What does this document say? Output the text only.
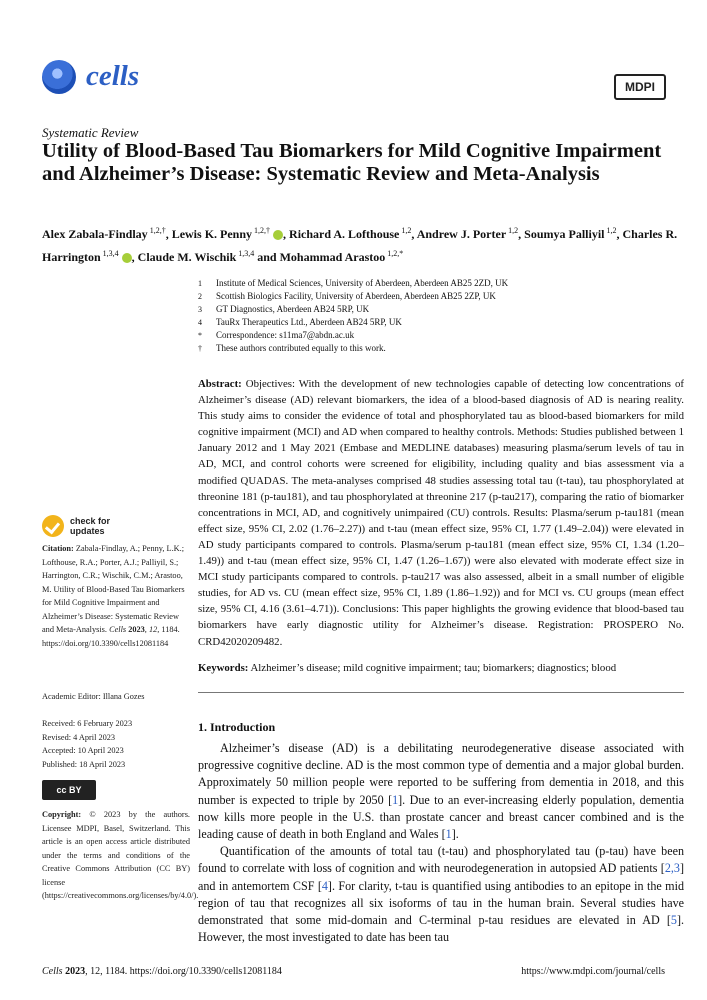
cells	MDPI
Systematic Review
Utility of Blood-Based Tau Biomarkers for Mild Cognitive Impairment and Alzheimer’s Disease: Systematic Review and Meta-Analysis
Alex Zabala-Findlay $^{1,2,\dagger}$, Lewis K. Penny $^{1,2,\dagger}$ , Richard A. Lofthouse $^{1,2}$, Andrew J. Porter $^{1,2}$, Soumya Palliyil $^{1,2}$, Charles R. Harrington $^{1,3,4}$ , Claude M. Wischik $^{1,3,4}$ and Mohammad Arastoo $^{1,2,*}$
1	Institute of Medical Sciences, University of Aberdeen, Aberdeen AB25 2ZD, UK
2	Scottish Biologics Facility, University of Aberdeen, Aberdeen AB25 2ZP, UK
3	GT Diagnostics, Aberdeen AB24 5RP, UK
4	TauRx Therapeutics Ltd., Aberdeen AB24 5RP, UK
*	Correspondence: s11ma7@abdn.ac.uk
†	These authors contributed equally to this work.
Abstract: Objectives: With the development of new technologies capable of detecting low concentrations of Alzheimer’s disease (AD) relevant biomarkers, the idea of a blood-based diagnosis of AD is nearing reality. This study aims to consider the evidence of total and phosphorylated tau as blood-based biomarkers for mild cognitive impairment (MCI) and AD when compared to healthy controls. Methods: Studies published between 1 January 2012 and 1 May 2021 (Embase and MEDLINE databases) measuring plasma/serum levels of tau in AD, MCI, and control cohorts were screened for eligibility, including quality and bias assessment via a modified QUADAS. The meta-analyses comprised 48 studies assessing total tau (t-tau), tau phosphorylated at threonine 181 (p-tau181), and tau phosphorylated at threonine 217 (p-tau217), comparing the ratio of biomarker concentrations in MCI, AD, and cognitively unimpaired (CU) controls. Results: Plasma/serum p-tau181 (mean effect size, 95% CI, 2.02 (1.76–2.27)) and t-tau (mean effect size, 95% CI, 1.77 (1.49–2.04)) were elevated in AD study participants compared to controls. Plasma/serum p-tau181 (mean effect size, 95% CI, 1.34 (1.20–1.49)) and t-tau (mean effect size, 95% CI, 1.47 (1.26–1.67)) were also elevated with moderate effect size in MCI study participants compared to controls. p-tau217 was also assessed, albeit in a small number of eligible studies, for AD vs. CU (mean effect size, 95% CI, 1.89 (1.86–1.92)) and for MCI vs. CU groups (mean effect size, 95% CI, 4.16 (3.61–4.71)). Conclusions: This paper highlights the growing evidence that blood-based tau biomarkers have early diagnostic utility for Alzheimer’s disease. Registration: PROSPERO No. CRD42020209482.
Keywords: Alzheimer’s disease; mild cognitive impairment; tau; biomarkers; diagnostics; blood
check for
updates
Citation: Zabala-Findlay, A.; Penny, L.K.; Lofthouse, R.A.; Porter, A.J.; Palliyil, S.; Harrington, C.R.; Wischik, C.M.; Arastoo, M. Utility of Blood-Based Tau Biomarkers for Mild Cognitive Impairment and Alzheimer’s Disease: Systematic Review and Meta-Analysis. Cells 2023, 12, 1184. https://doi.org/10.3390/cells12081184
Academic Editor: Illana Gozes
Received: 6 February 2023
Revised: 4 April 2023
Accepted: 10 April 2023
Published: 18 April 2023
cc BY
Copyright: © 2023 by the authors. Licensee MDPI, Basel, Switzerland. This article is an open access article distributed under the terms and conditions of the Creative Commons Attribution (CC BY) license (https://creativecommons.org/licenses/by/4.0/).
1. Introduction

Alzheimer’s disease (AD) is a debilitating neurodegenerative disease associated with progressive cognitive decline. AD is the most common type of dementia and a major global burden. Approximately 50 million people were reported to be suffering from dementia in 2018, and this number is expected to triple by 2050 [1]. Due to an ever-increasing elderly population, dementia now kills more people in the U.S. than prostate cancer and breast cancer combined and is the leading cause of death in both England and Wales [1].

Quantification of the amounts of total tau (t-tau) and phosphorylated tau (p-tau) have been found to correlate with loss of cognition and with neurodegeneration in autopsied AD patients [2,3] and in antemortem CSF [4]. For clarity, t-tau is quantified using antibodies to an epitope in the mid region of tau that recognizes all six isoforms of tau in the human brain. Several studies have demonstrated that some mid-domain and C-terminal p-tau residues are elevated in AD [5]. However, the most investigated to date has been tau

Cells 2023, 12, 1184. https://doi.org/10.3390/cells12081184	https://www.mdpi.com/journal/cells
